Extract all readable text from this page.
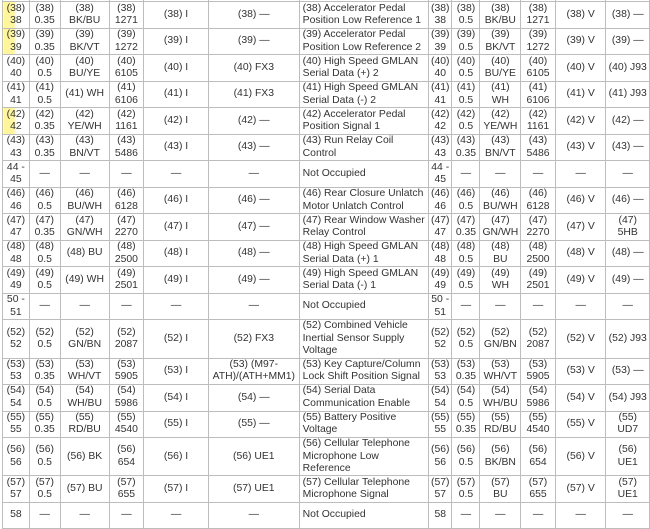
(38) 38	(38) 0.35	(38) BK/BU	(38) 1271	(38) I	(38) —	(38) Accelerator Pedal Position Low Reference 1	(38) 38	(38) 0.5	(38) BK/BU	(38) 1271	(38) V	(38) —
(39) 39	(39) 0.35	(39) BK/VT	(39) 1272	(39) I	(39) —	(39) Accelerator Pedal Position Low Reference 2	(39) 39	(39) 0.5	(39) BK/VT	(39) 1272	(39) V	(39) —
(40) 40	(40) 0.5	(40) BU/YE	(40) 6105	(40) I	(40) FX3	(40) High Speed GMLAN Serial Data (+) 2	(40) 40	(40) 0.5	(40) BU/YE	(40) 6105	(40) V	(40) J93
(41) 41	(41) 0.5	(41) WH	(41) 6106	(41) I	(41) FX3	(41) High Speed GMLAN Serial Data (-) 2	(41) 41	(41) 0.5	(41) WH	(41) 6106	(41) V	(41) J93
(42) 42	(42) 0.35	(42) YE/WH	(42) 1161	(42) I	(42) —	(42) Accelerator Pedal Position Signal 1	(42) 42	(42) 0.5	(42) YE/WH	(42) 1161	(42) V	(42) —
(43) 43	(43) 0.35	(43) BN/VT	(43) 5486	(43) I	(43) —	(43) Run Relay Coil Control	(43) 43	(43) 0.35	(43) BN/VT	(43) 5486	(43) V	(43) —
44 - 45	—	—	—	—	—	Not Occupied	44 - 45	—	—	—	—	—
(46) 46	(46) 0.5	(46) BU/WH	(46) 6128	(46) I	(46) —	(46) Rear Closure Unlatch Motor Unlatch Control	(46) 46	(46) 0.5	(46) BU/WH	(46) 6128	(46) V	(46) —
(47) 47	(47) 0.35	(47) GN/WH	(47) 2270	(47) I	(47) —	(47) Rear Window Washer Relay Control	(47) 47	(47) 0.35	(47) GN/WH	(47) 2270	(47) V	(47) 5HB
(48) 48	(48) 0.5	(48) BU	(48) 2500	(48) I	(48) —	(48) High Speed GMLAN Serial Data (+) 1	(48) 48	(48) 0.5	(48) BU	(48) 2500	(48) V	(48) —
(49) 49	(49) 0.5	(49) WH	(49) 2501	(49) I	(49) —	(49) High Speed GMLAN Serial Data (-) 1	(49) 49	(49) 0.5	(49) WH	(49) 2501	(49) V	(49) —
50 - 51	—	—	—	—	—	Not Occupied	50 - 51	—	—	—	—	—
(52) 52	(52) 0.5	(52) GN/BN	(52) 2087	(52) I	(52) FX3	(52) Combined Vehicle Inertial Sensor Supply Voltage	(52) 52	(52) 0.5	(52) GN/BN	(52) 2087	(52) V	(52) J93
(53) 53	(53) 0.35	(53) WH/VT	(53) 5905	(53) I	(53) (M97-ATH)/(ATH+MM1)	(53) Key Capture/Column Lock Shift Position Signal	(53) 53	(53) 0.35	(53) WH/VT	(53) 5905	(53) V	(53) —
(54) 54	(54) 0.5	(54) WH/BU	(54) 5986	(54) I	(54) —	(54) Serial Data Communication Enable	(54) 54	(54) 0.5	(54) WH/BU	(54) 5986	(54) V	(54) J93
(55) 55	(55) 0.35	(55) RD/BU	(55) 4540	(55) I	(55) —	(55) Battery Positive Voltage	(55) 55	(55) 0.35	(55) RD/BU	(55) 4540	(55) V	(55) UD7
(56) 56	(56) 0.5	(56) BK	(56) 654	(56) I	(56) UE1	(56) Cellular Telephone Microphone Low Reference	(56) 56	(56) 0.5	(56) BK/BN	(56) 654	(56) V	(56) UE1
(57) 57	(57) 0.5	(57) BU	(57) 655	(57) I	(57) UE1	(57) Cellular Telephone Microphone Signal	(57) 57	(57) 0.5	(57) BU	(57) 655	(57) V	(57) UE1
58	—	—	—	—	—	Not Occupied	58	—	—	—	—	—
